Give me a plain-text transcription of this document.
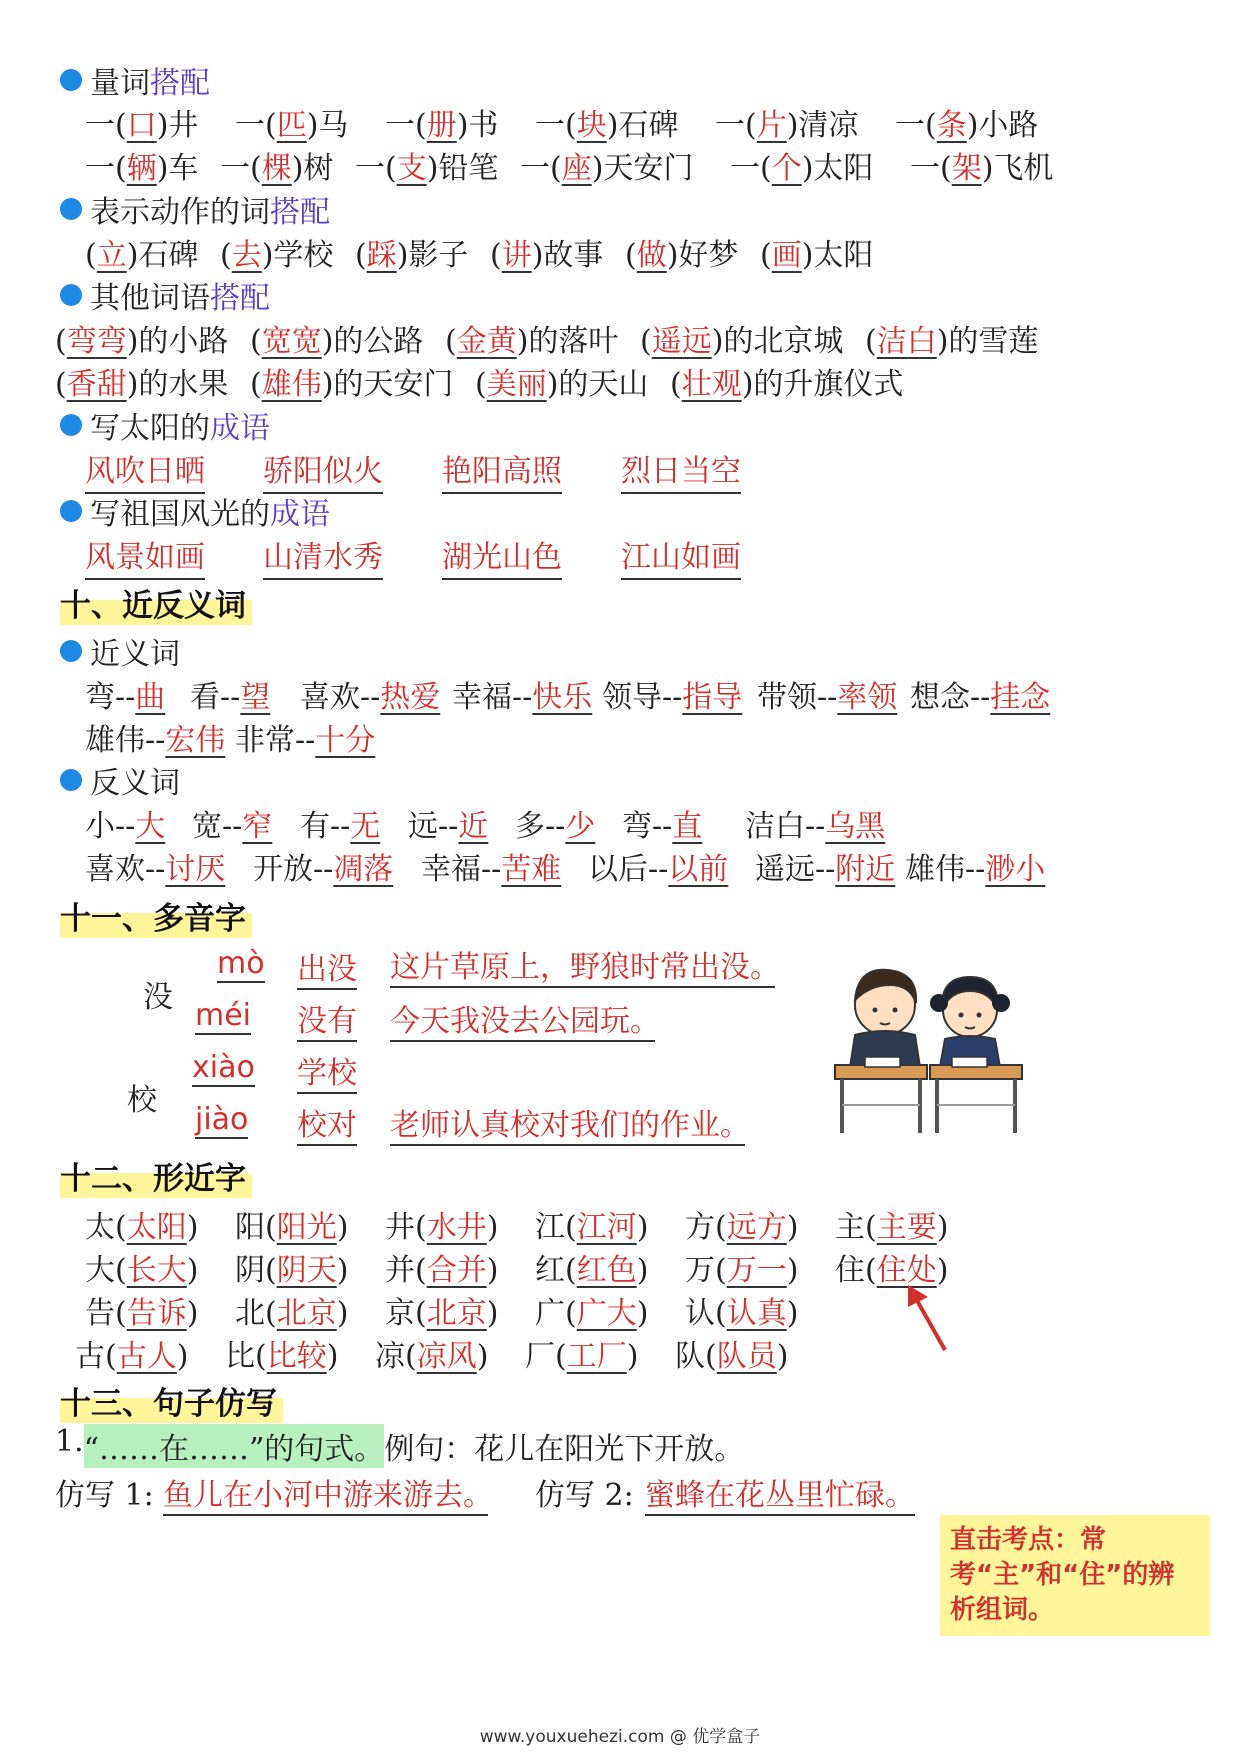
量词 搭配
一(口)井 一(匹)马 一(册)书 一(块)石碑 一(片)清凉 一(条)小路
一(辆)车 一(棵)树 一(支)铅笔 一(座)天安门 一(个)太阳 一(架)飞机
表示动作的词 搭配
(立)石碑 (去)学校 (踩)影子 (讲)故事 (做)好梦 (画)太阳
其他词语 搭配
(弯弯)的小路 (宽宽)的公路 (金黄)的落叶 (遥远)的北京城 (洁白)的雪莲
(香甜)的水果 (雄伟)的天安门 (美丽)的天山 (壮观)的升旗仪式
写太阳的 成语
风吹日晒 骄阳似火 艳阳高照 烈日当空
写祖国风光的 成语
风景如画 山清水秀 湖光山色 江山如画
十、近反义词
近义词
弯--曲 看--望 喜欢--热爱 幸福--快乐 领导--指导 带领--率领 想念--挂念
雄伟--宏伟 非常--十分
反义词
小--大 宽--窄 有--无 远--近 多--少 弯--直 洁白--乌黑
喜欢--讨厌 开放--凋落 幸福--苦难 以后--以前 遥远--附近 雄伟--渺小
十一、多音字
没
mò 出没 这片草原上，野狼时常出没。
méi 没有 今天我没去公园玩。
校
xiào 学校
jiào 校对 老师认真校对我们的作业。
十二、形近字
太(太阳) 阳(阳光) 井(水井) 江(江河) 方(远方) 主(主要)
大(长大) 阴(阴天) 并(合并) 红(红色) 万(万一) 住(住处)
告(告诉) 北(北京) 京(北京) 广(广大) 认(认真)
古(古人) 比(比较) 凉(凉风) 厂(工厂) 队(队员)
直击考点：常考“主”和“住”的辨析组词。
十三、句子仿写
1. “……在……”的句式。 例句：花儿在阳光下开放。
仿写 1: 鱼儿在小河中游来游去。 仿写 2: 蜜蜂在花丛里忙碌。
www.youxuehezi.com @ 优学盒子
